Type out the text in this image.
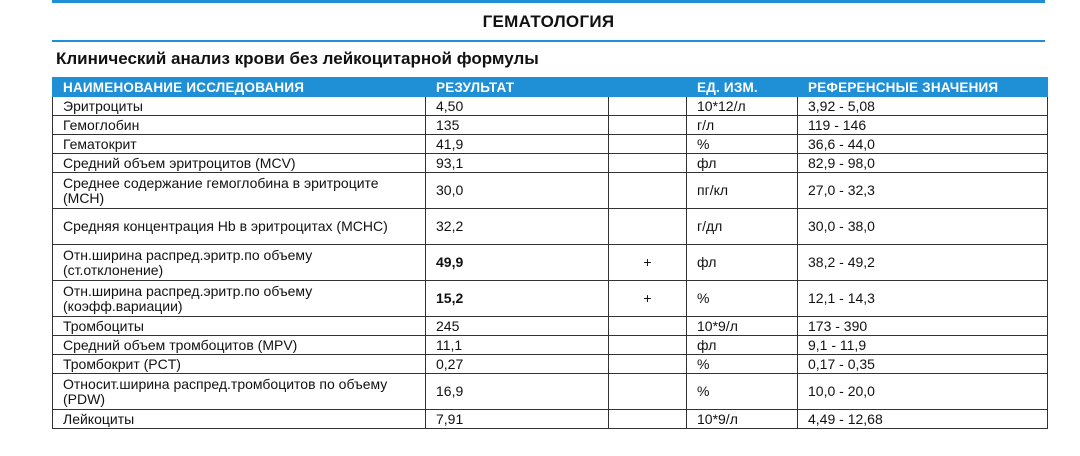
ГЕМАТОЛОГИЯ
Клинический анализ крови без лейкоцитарной формулы
НАИМЕНОВАНИЕ ИССЛЕДОВАНИЯ	РЕЗУЛЬТАТ		ЕД. ИЗМ.	РЕФЕРЕНСНЫЕ ЗНАЧЕНИЯ
Эритроциты	4,50		10*12/л	3,92 - 5,08
Гемоглобин	135		г/л	119 - 146
Гематокрит	41,9		%	36,6 - 44,0
Средний объем эритроцитов (MCV)	93,1		фл	82,9 - 98,0
Среднее содержание гемоглобина в эритроците (MCH)	30,0		пг/кл	27,0 - 32,3
Средняя концентрация Hb в эритроцитах (MCHC)	32,2		г/дл	30,0 - 38,0
Отн.ширина распред.эритр.по объему (ст.отклонение)	49,9	+	фл	38,2 - 49,2
Отн.ширина распред.эритр.по объему (коэфф.вариации)	15,2	+	%	12,1 - 14,3
Тромбоциты	245		10*9/л	173 - 390
Средний объем тромбоцитов (MPV)	11,1		фл	9,1 - 11,9
Тромбокрит (PCT)	0,27		%	0,17 - 0,35
Относит.ширина распред.тромбоцитов по объему (PDW)	16,9		%	10,0 - 20,0
Лейкоциты	7,91		10*9/л	4,49 - 12,68
